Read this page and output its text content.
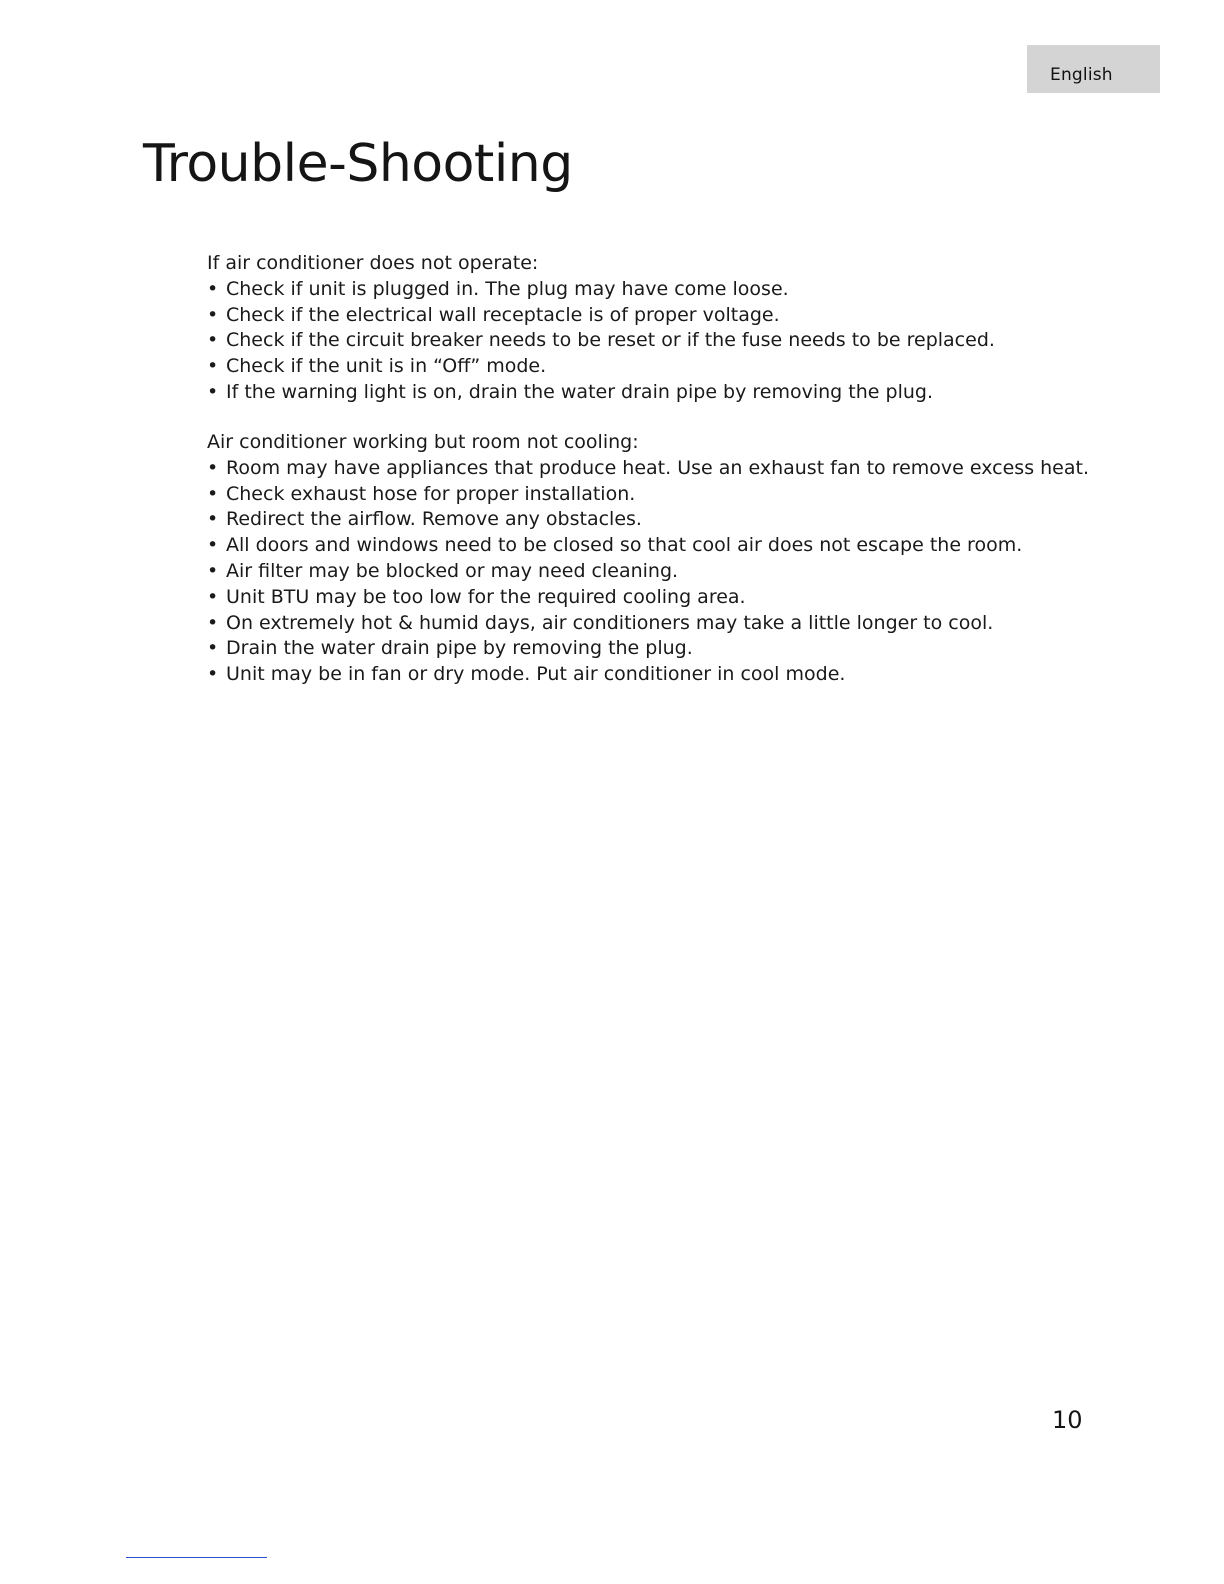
English
Trouble-Shooting

If air conditioner does not operate:

• Check if unit is plugged in. The plug may have come loose.
• Check if the electrical wall receptacle is of proper voltage.
• Check if the circuit breaker needs to be reset or if the fuse needs to be replaced.
• Check if the unit is in “Off” mode.
• If the warning light is on, drain the water drain pipe by removing the plug.

Air conditioner working but room not cooling:

• Room may have appliances that produce heat. Use an exhaust fan to remove excess heat.
• Check exhaust hose for proper installation.
• Redirect the airflow. Remove any obstacles.
• All doors and windows need to be closed so that cool air does not escape the room.
• Air filter may be blocked or may need cleaning.
• Unit BTU may be too low for the required cooling area.
• On extremely hot & humid days, air conditioners may take a little longer to cool.
• Drain the water drain pipe by removing the plug.
• Unit may be in fan or dry mode. Put air conditioner in cool mode.
10
